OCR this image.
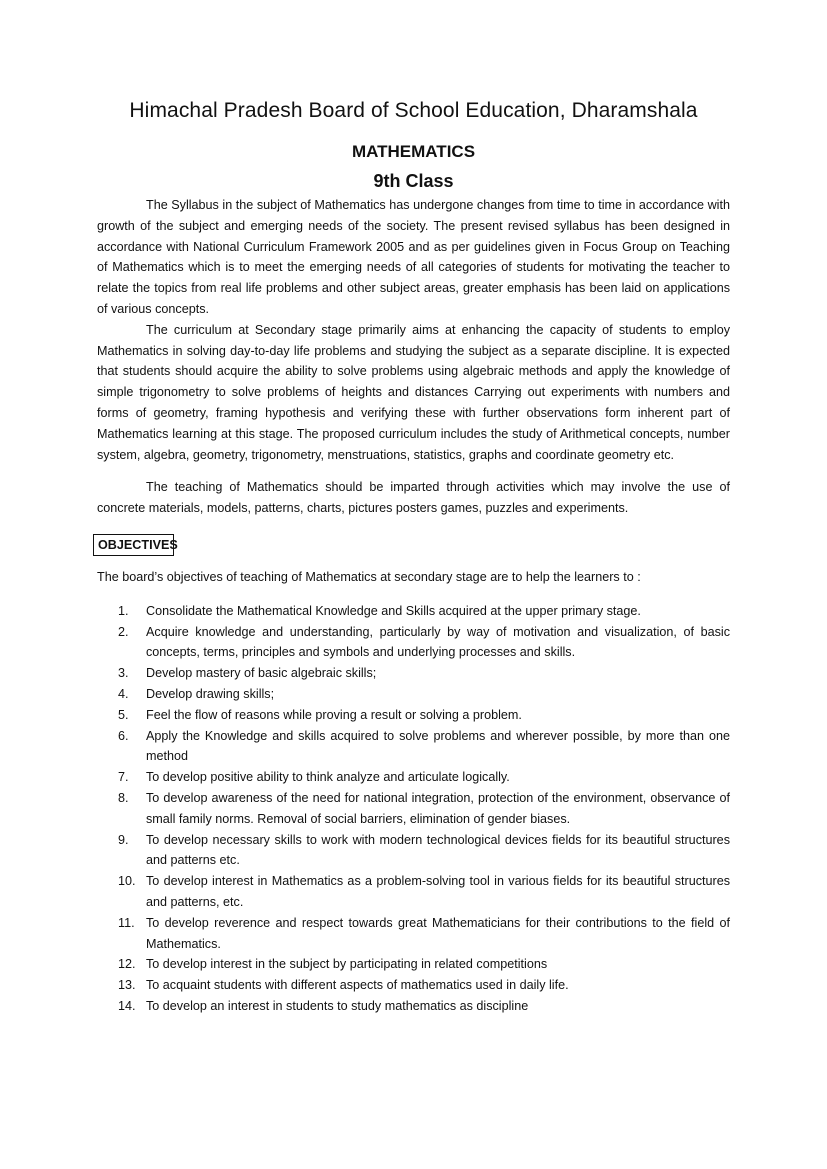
Himachal Pradesh Board of School Education, Dharamshala
MATHEMATICS
9th Class

The Syllabus in the subject of Mathematics has undergone changes from time to time in accordance with growth of the subject and emerging needs of the society. The present revised syllabus has been designed in accordance with National Curriculum Framework 2005 and as per guidelines given in Focus Group on Teaching of Mathematics which is to meet the emerging needs of all categories of students for motivating the teacher to relate the topics from real life problems and other subject areas, greater emphasis has been laid on applications of various concepts.

The curriculum at Secondary stage primarily aims at enhancing the capacity of students to employ Mathematics in solving day-to-day life problems and studying the subject as a separate discipline. It is expected that students should acquire the ability to solve problems using algebraic methods and apply the knowledge of simple trigonometry to solve problems of heights and distances Carrying out experiments with numbers and forms of geometry, framing hypothesis and verifying these with further observations form inherent part of Mathematics learning at this stage. The proposed curriculum includes the study of Arithmetical concepts, number system, algebra, geometry, trigonometry, menstruations, statistics, graphs and coordinate geometry etc.

The teaching of Mathematics should be imparted through activities which may involve the use of concrete materials, models, patterns, charts, pictures posters games, puzzles and experiments.

OBJECTIVES

The board’s objectives of teaching of Mathematics at secondary stage are to help the learners to :

1.	Consolidate the Mathematical Knowledge and Skills acquired at the upper primary stage.
2.	Acquire knowledge and understanding, particularly by way of motivation and visualization, of basic concepts, terms, principles and symbols and underlying processes and skills.
3.	Develop mastery of basic algebraic skills;
4.	Develop drawing skills;
5.	Feel the flow of reasons while proving a result or solving a problem.
6.	Apply the Knowledge and skills acquired to solve problems and wherever possible, by more than one method
7.	To develop positive ability to think analyze and articulate logically.
8.	To develop awareness of the need for national integration, protection of the environment, observance of small family norms. Removal of social barriers, elimination of gender biases.
9.	To develop necessary skills to work with modern technological devices fields for its beautiful structures and patterns etc.
10. To develop interest in Mathematics as a problem-solving tool in various fields for its beautiful structures and patterns, etc.
11. To develop reverence and respect towards great Mathematicians for their contributions to the field of Mathematics.
12. To develop interest in the subject by participating in related competitions
13. To acquaint students with different aspects of mathematics used in daily life.
14. To develop an interest in students to study mathematics as discipline
